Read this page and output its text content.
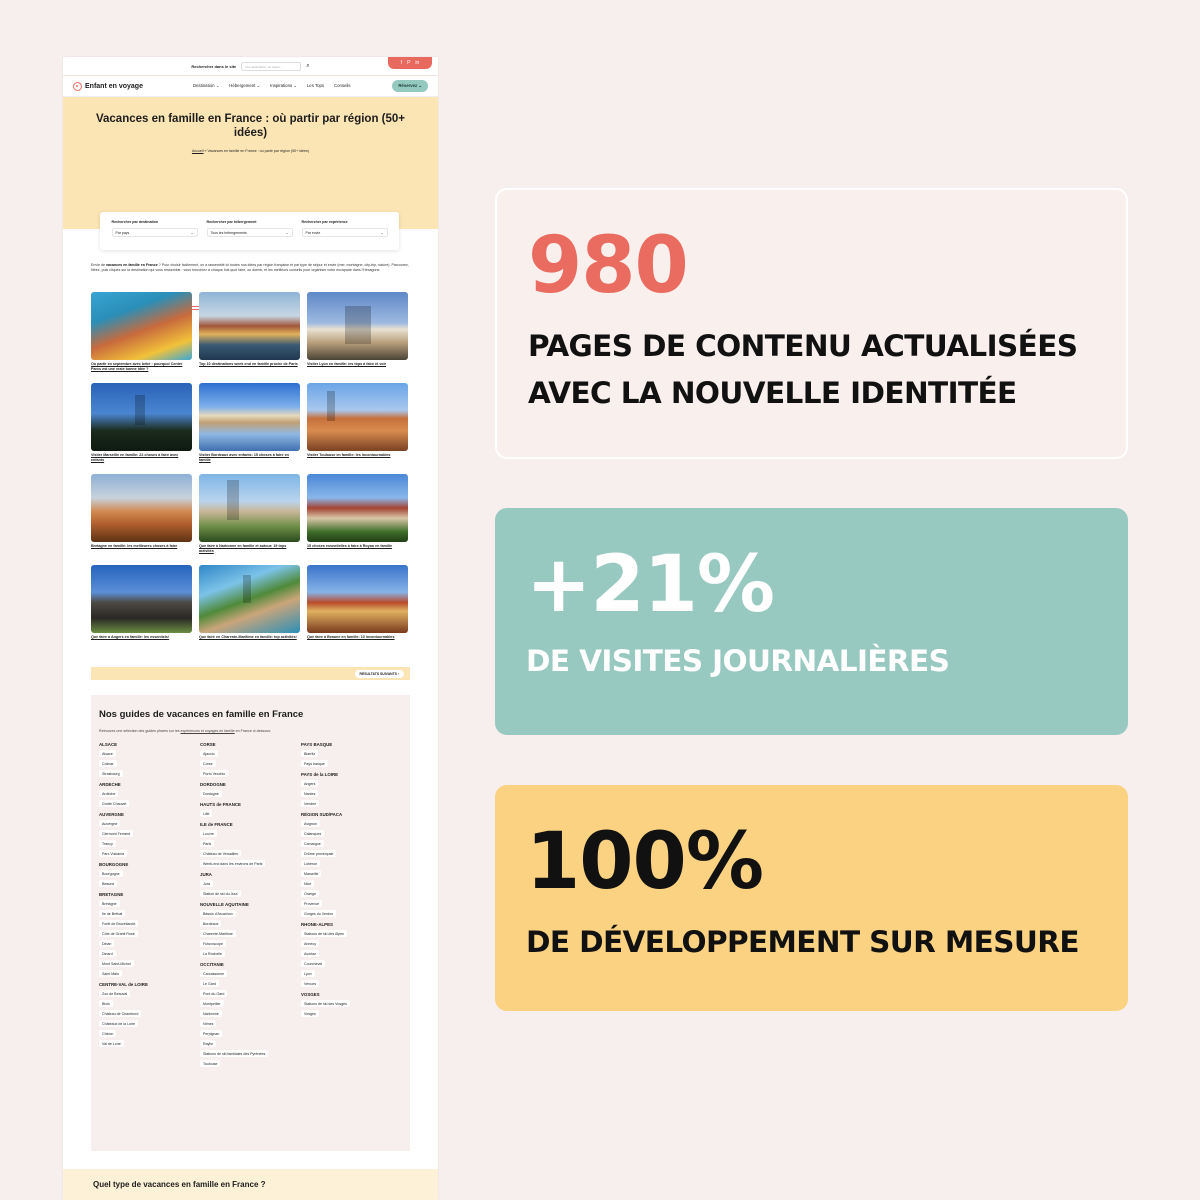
Rechercher dans le site	Une destination, un séjour...	⌕	f P in
Enfant en voyage	Destination ⌄ Hébergement ⌄ Inspirations ⌄ Les Tops Conseils	Réservez ⌄
Vacances en famille en France : où partir par région (50+ idées)
Accueil » Vacances en famille en France : où partir par région (50+ idées)
Rechercher par destination
Par pays	⌄
Rechercher par hébergement
Tous les hébergements	⌄
Rechercher par expérience
Par envie	⌄

Envie de vacances en famille en France ? Pour choisir facilement, on a rassemblé ici toutes nos idées par région française et par type de séjour et envie (mer, montagne, city-trip, nature). Parcourez, filtrez, puis cliquez sur la destination qui vous ressemble : vous trouverez à chaque fois quoi faire, où dormir, et les meilleurs conseils pour organiser votre escapade dans l'Hexagone.

Où partir en septembre avec bébé : pourquoi Center Parcs est une vraie bonne idée ?
Top 10 destinations week end en famille proche de Paris	Visiter Lyon en famille: les tops à faire et voir
Visiter Marseille en famille: 22 choses à faire avec enfants
Visiter Bordeaux avec enfants: 15 choses à faire en famille
Visiter Toulouse en famille: les incontournables
Bretagne en famille: les meilleures choses à faire	Que faire à Narbonne en famille et autour: 19 tops activités
15 choses essentielles à faire à Royan en famille
Que faire à Angers en famille: les essentiels!	Que faire en Charente-Maritime en famille: top activités!	Que faire à Beaune en famille: 10 incontournables
RÉSULTATS SUIVANTS ›
Nos guides de vacances en famille en France

Retrouvez une sélection des guides phares sur les expériences et voyages en famille en France ci-dessous:

ALSACE
Alsace
Colmar
Strasbourg
ARDECHE
Ardèche
Grotte Chauvet
AUVERGNE
Auvergne
Clermont Ferrand
Trancy
Parc Vulcania
BOURGOGNE
Bourgogne
Beaune
BRETAGNE
Bretagne
Ile de Bréhat
Forêt de Brocéliande
Côte de Granit Rose
Dinan
Dinard
Mont Saint-Michel
Saint Malo
CENTRE-VAL de LOIRE
Zoo de Beauval
Blois
Château de Chambord
Châteaux de la Loire
Chinon
Val de Loire
CORSE
Ajaccio
Corse
Porto Vecchio
DORDOGNE
Dordogne
HAUTS de FRANCE
Lille
ILE de FRANCE
Louvre
Paris
Château de Versailles
Week-end dans les environs de Paris
JURA
Jura
Station de ski du Jura
NOUVELLE AQUITAINE
Bassin d'Arcachon
Bordeaux
Charente-Maritime
Futuroscope
La Rochelle
OCCITANIE
Carcassonne
Le Gard
Pont du Gard
Montpellier
Narbonne
Nîmes
Perpignan
Raylin
Stations de ski familiales des Pyrénées
Toulouse
PAYS BASQUE
Biarritz
Pays basque
PAYS de la LOIRE
Angers
Nantes
Vendée
RÉGION SUD/PACA
Avignon
Calanques
Camargue
Drôme provençale
Luberon
Marseille
Nice
Orange
Provence
Gorges du Verdon
RHONE-ALPES
Stations de ski des Alpes
Annecy
Avoriaz
Courchevel
Lyon
Vercors
VOSGES
Stations de ski des Vosges
Vosges
Quel type de vacances en famille en France ?
980
PAGES DE CONTENU ACTUALISÉES
AVEC LA NOUVELLE IDENTITÉE
+21%
DE VISITES JOURNALIÈRES
100%
DE DÉVELOPPEMENT SUR MESURE
